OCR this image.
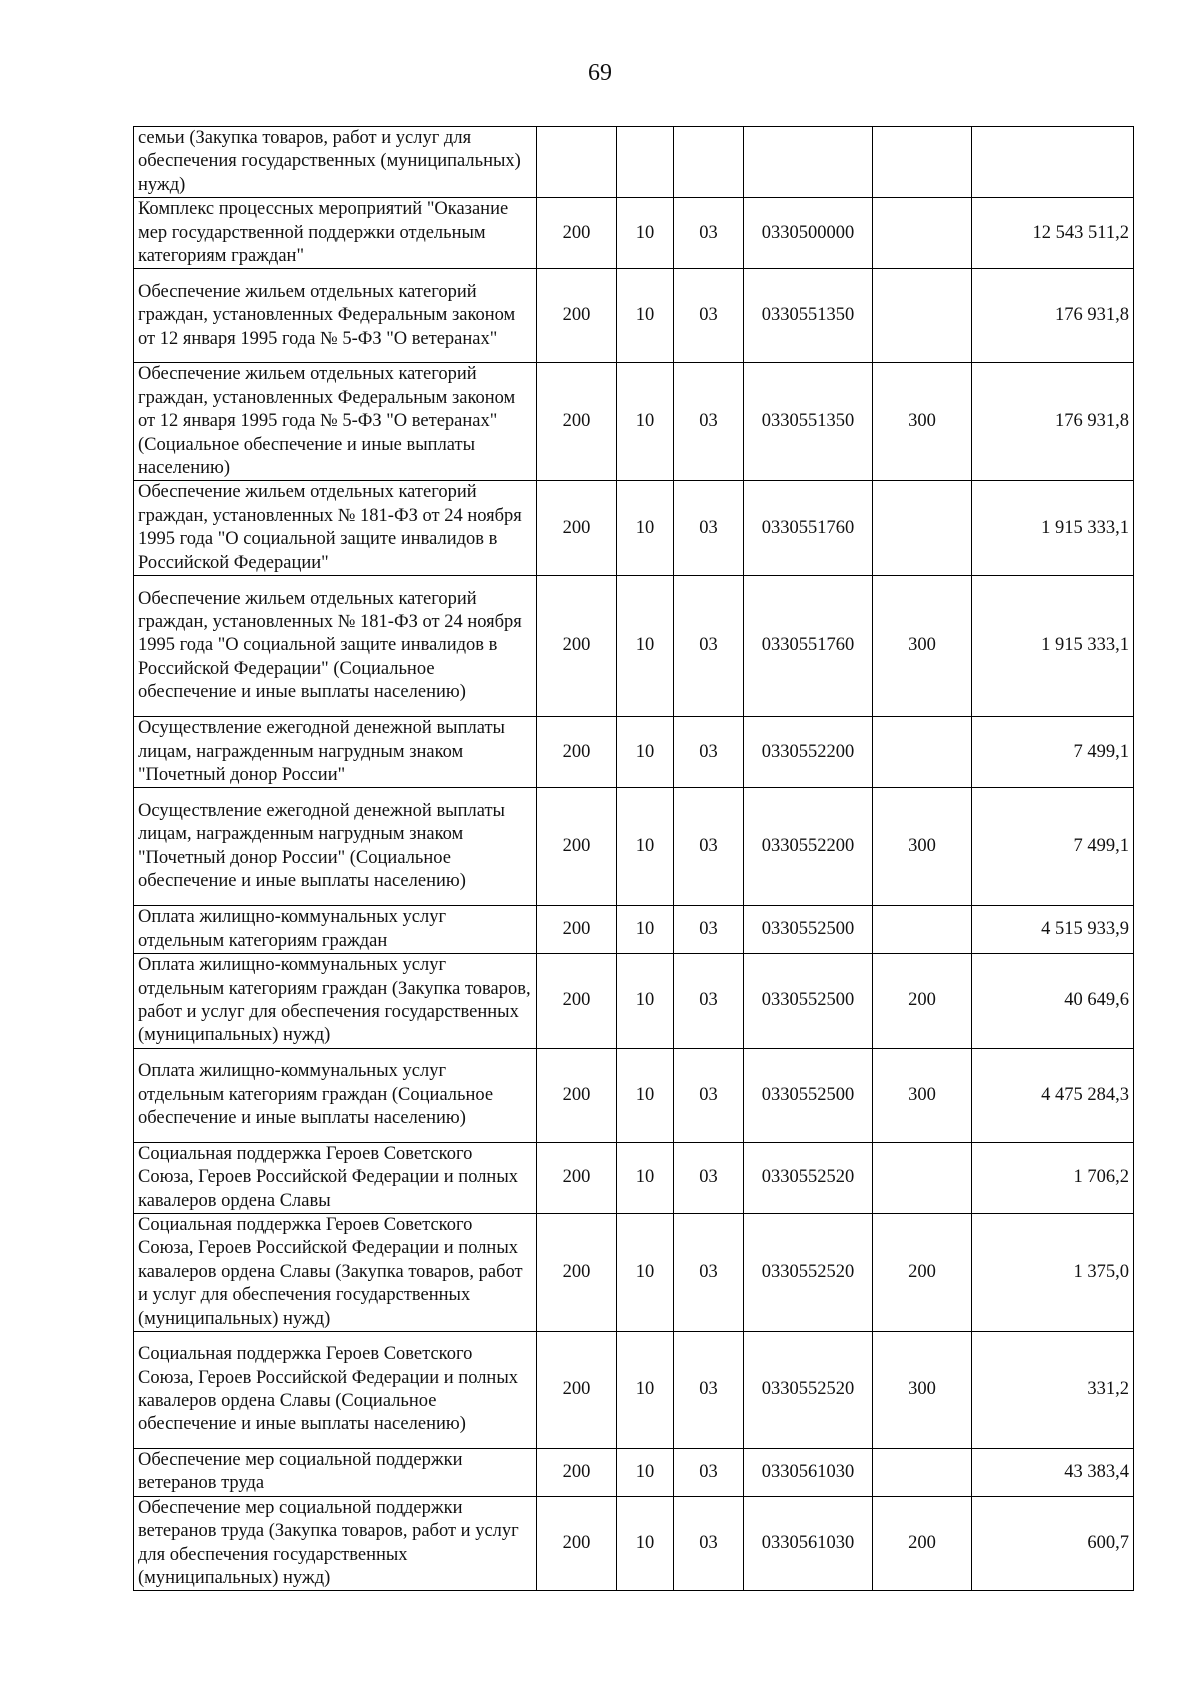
69
семьи (Закупка товаров, работ и услуг для обеспечения государственных (муниципальных) нужд)						
Комплекс процессных мероприятий "Оказание мер государственной поддержки отдельным категориям граждан"	200	10	03	0330500000		12 543 511,2
Обеспечение жильем отдельных категорий граждан, установленных Федеральным законом от 12 января 1995 года № 5-ФЗ "О ветеранах"	200	10	03	0330551350		176 931,8
Обеспечение жильем отдельных категорий граждан, установленных Федеральным законом от 12 января 1995 года № 5-ФЗ "О ветеранах" (Социальное обеспечение и иные выплаты населению)	200	10	03	0330551350	300	176 931,8
Обеспечение жильем отдельных категорий граждан, установленных № 181-ФЗ от 24 ноября 1995 года "О социальной защите инвалидов в Российской Федерации"	200	10	03	0330551760		1 915 333,1
Обеспечение жильем отдельных категорий граждан, установленных № 181-ФЗ от 24 ноября 1995 года "О социальной защите инвалидов в Российской Федерации" (Социальное обеспечение и иные выплаты населению)	200	10	03	0330551760	300	1 915 333,1
Осуществление ежегодной денежной выплаты лицам, награжденным нагрудным знаком "Почетный донор России"	200	10	03	0330552200		7 499,1
Осуществление ежегодной денежной выплаты лицам, награжденным нагрудным знаком "Почетный донор России" (Социальное обеспечение и иные выплаты населению)	200	10	03	0330552200	300	7 499,1
Оплата жилищно-коммунальных услуг отдельным категориям граждан	200	10	03	0330552500		4 515 933,9
Оплата жилищно-коммунальных услуг отдельным категориям граждан (Закупка товаров, работ и услуг для обеспечения государственных (муниципальных) нужд)	200	10	03	0330552500	200	40 649,6
Оплата жилищно-коммунальных услуг отдельным категориям граждан (Социальное обеспечение и иные выплаты населению)	200	10	03	0330552500	300	4 475 284,3
Социальная поддержка Героев Советского Союза, Героев Российской Федерации и полных кавалеров ордена Славы	200	10	03	0330552520		1 706,2
Социальная поддержка Героев Советского Союза, Героев Российской Федерации и полных кавалеров ордена Славы (Закупка товаров, работ и услуг для обеспечения государственных (муниципальных) нужд)	200	10	03	0330552520	200	1 375,0
Социальная поддержка Героев Советского Союза, Героев Российской Федерации и полных кавалеров ордена Славы (Социальное обеспечение и иные выплаты населению)	200	10	03	0330552520	300	331,2
Обеспечение мер социальной поддержки ветеранов труда	200	10	03	0330561030		43 383,4
Обеспечение мер социальной поддержки ветеранов труда (Закупка товаров, работ и услуг для обеспечения государственных (муниципальных) нужд)	200	10	03	0330561030	200	600,7
